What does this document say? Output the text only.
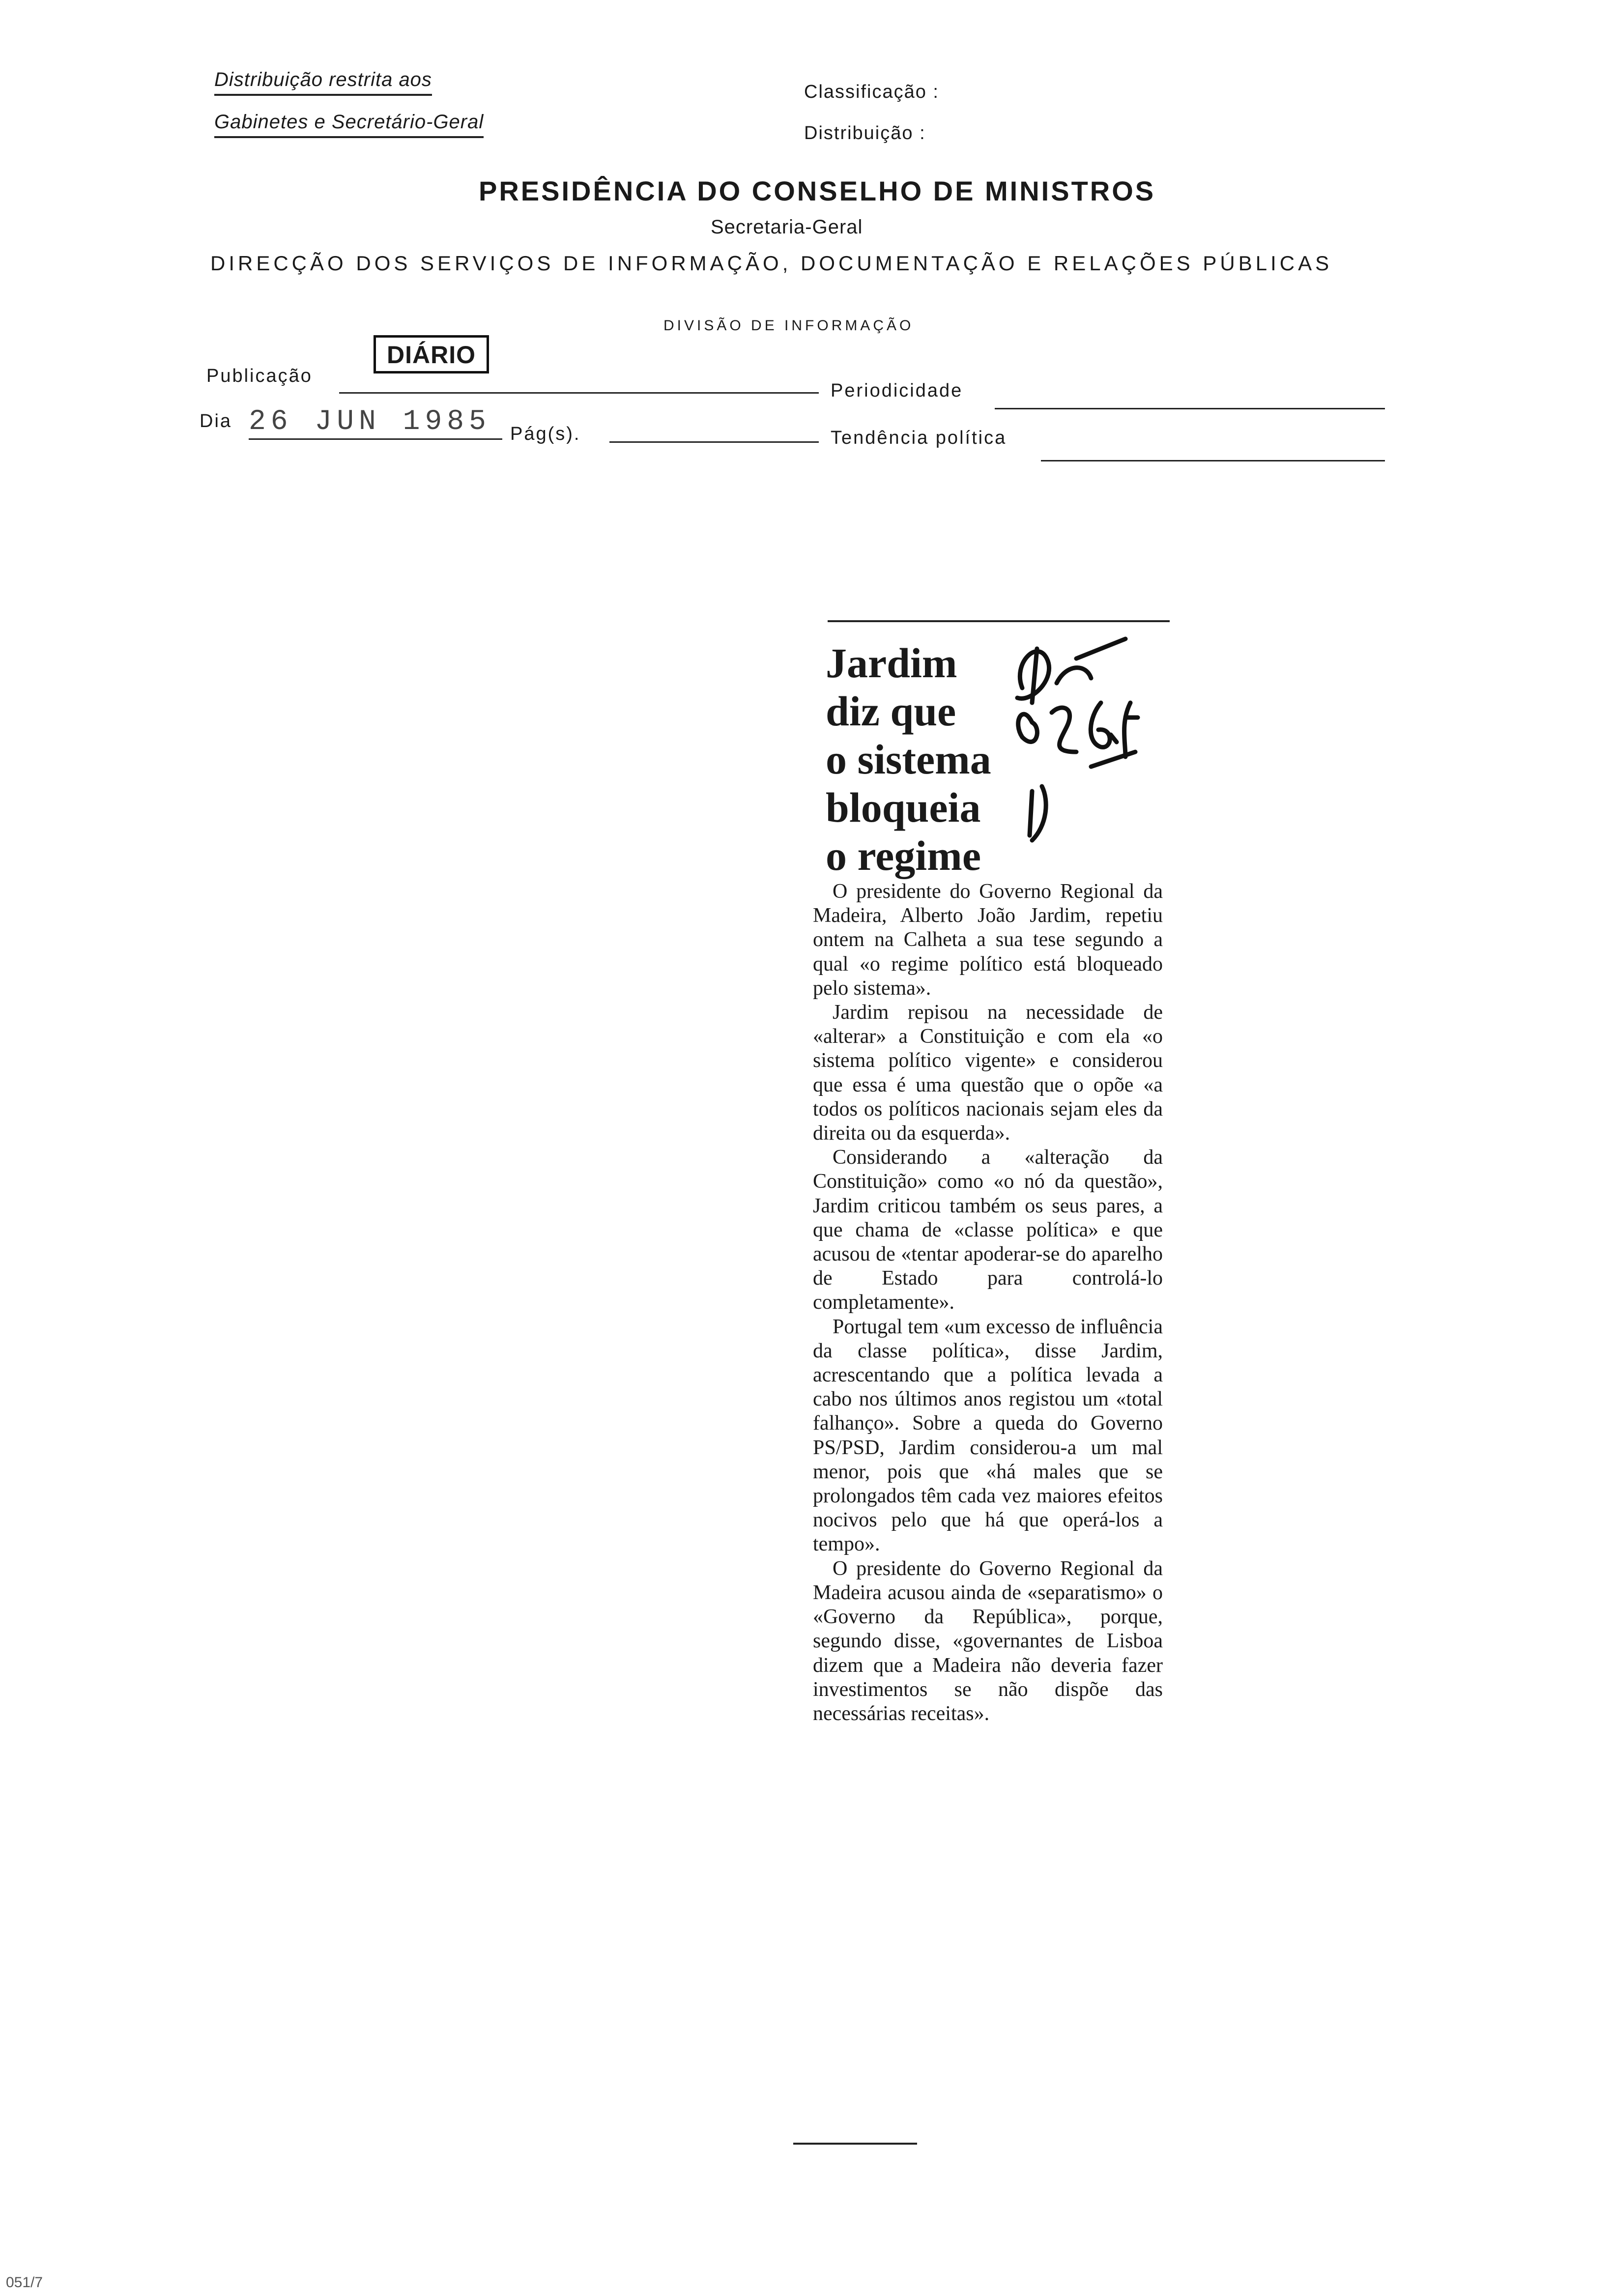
Distribuição restrita aos
Gabinetes e Secretário-Geral
Classificação :
Distribuição :
PRESIDÊNCIA DO CONSELHO DE MINISTROS
Secretaria-Geral
DIRECÇÃO DOS SERVIÇOS DE INFORMAÇÃO, DOCUMENTAÇÃO E RELAÇÕES PÚBLICAS
DIVISÃO DE INFORMAÇÃO
Publicação
DIÁRIO
Periodicidade
Dia 26 JUN 1985 Pág(s).	Tendência política
Jardim
diz que
o sistema
bloqueia
o regime

O presidente do Governo Regional da Madeira, Alberto João Jardim, repetiu ontem na Calheta a sua tese segundo a qual «o regime político está bloqueado pelo sistema».

Jardim repisou na necessidade de «alterar» a Constituição e com ela «o sistema político vigente» e considerou que essa é uma questão que o opõe «a todos os políticos nacionais sejam eles da direita ou da esquerda».

Considerando a «alteração da Constituição» como «o nó da questão», Jardim criticou também os seus pares, a que chama de «classe política» e que acusou de «tentar apoderar-se do aparelho de Estado para controlá-lo completamente».

Portugal tem «um excesso de influência da classe política», disse Jardim, acrescentando que a política levada a cabo nos últimos anos registou um «total falhanço». Sobre a queda do Governo PS/PSD, Jardim considerou-a um mal menor, pois que «há males que se prolongados têm cada vez maiores efeitos nocivos pelo que há que operá-los a tempo».

O presidente do Governo Regional da Madeira acusou ainda de «separatismo» o «Governo da República», porque, segundo disse, «governantes de Lisboa dizem que a Madeira não deveria fazer investimentos se não dispõe das necessárias receitas».

051/7
